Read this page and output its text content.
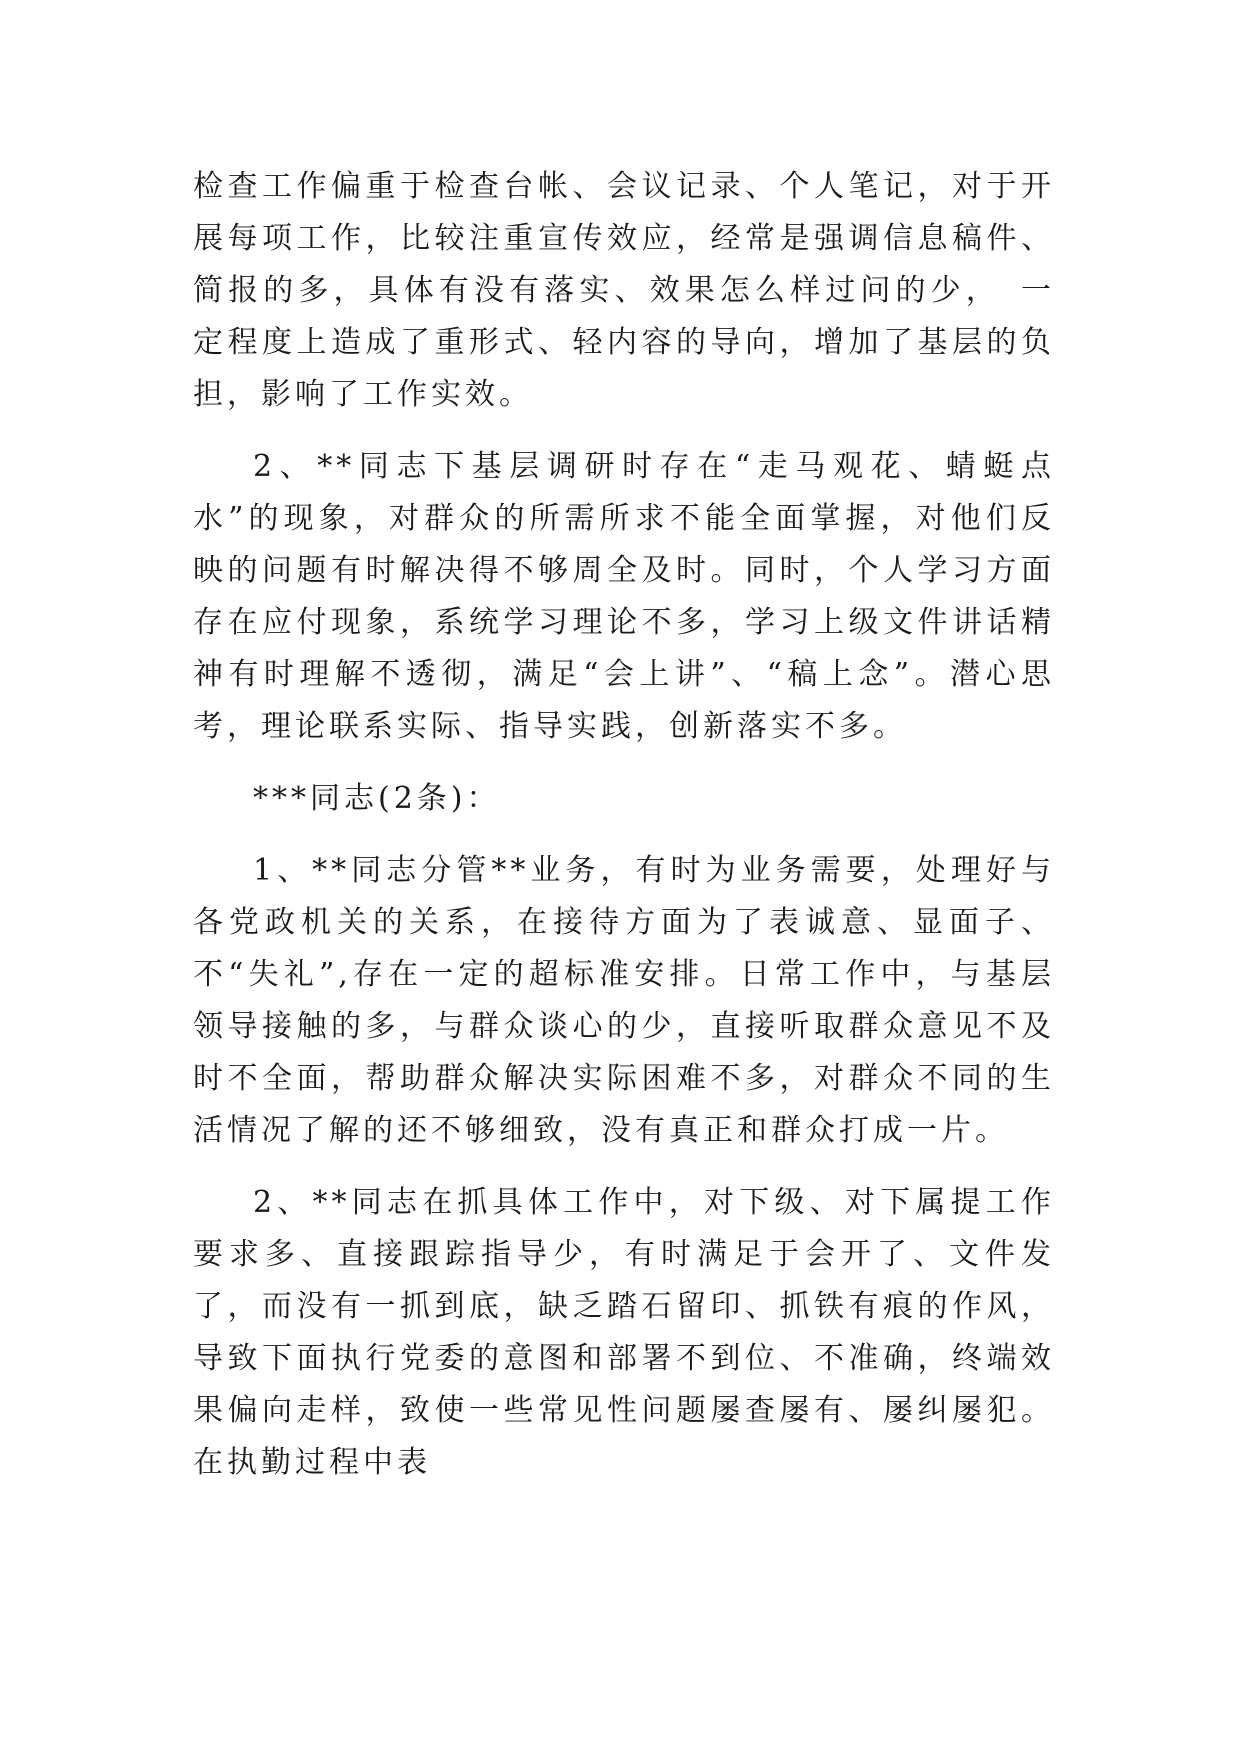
检查工作偏重于检查台帐、会议记录、个人笔记，对于开展每项工作，比较注重宣传效应，经常是强调信息稿件、简报的多，具体有没有落实、效果怎么样过问的少，　一定程度上造成了重形式、轻内容的导向，增加了基层的负担，影响了工作实效。

2、**同志下基层调研时存在“走马观花、蜻蜓点水”的现象，对群众的所需所求不能全面掌握，对他们反映的问题有时解决得不够周全及时。同时，个人学习方面存在应付现象，系统学习理论不多，学习上级文件讲话精神有时理解不透彻，满足“会上讲”、“稿上念”。潜心思考，理论联系实际、指导实践，创新落实不多。

***同志(2条)：

1、**同志分管**业务，有时为业务需要，处理好与各党政机关的关系，在接待方面为了表诚意、显面子、不“失礼”,存在一定的超标准安排。日常工作中，与基层领导接触的多，与群众谈心的少，直接听取群众意见不及时不全面，帮助群众解决实际困难不多，对群众不同的生活情况了解的还不够细致，没有真正和群众打成一片。

2、**同志在抓具体工作中，对下级、对下属提工作要求多、直接跟踪指导少，有时满足于会开了、文件发了，而没有一抓到底，缺乏踏石留印、抓铁有痕的作风，导致下面执行党委的意图和部署不到位、不准确，终端效果偏向走样，致使一些常见性问题屡查屡有、屡纠屡犯。在执勤过程中表
